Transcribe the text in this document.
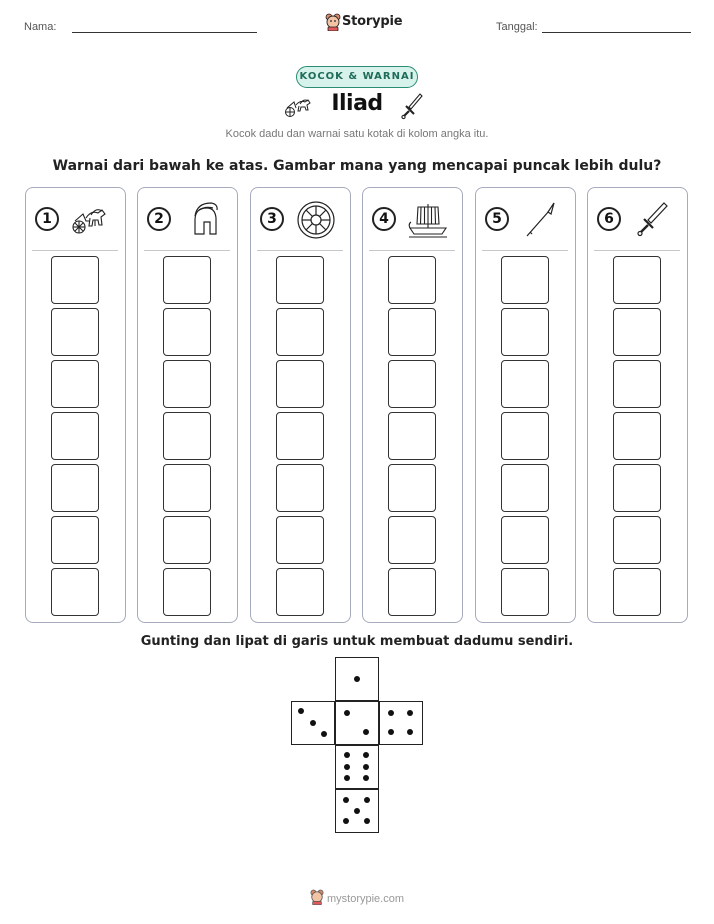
Nama:	Storypie	Tanggal:
KOCOK & WARNAI
Iliad
Kocok dadu dan warnai satu kotak di kolom angka itu.
Warnai dari bawah ke atas. Gambar mana yang mencapai puncak lebih dulu?
1	2	3	4	5	6
Gunting dan lipat di garis untuk membuat dadumu sendiri.
mystorypie.com
